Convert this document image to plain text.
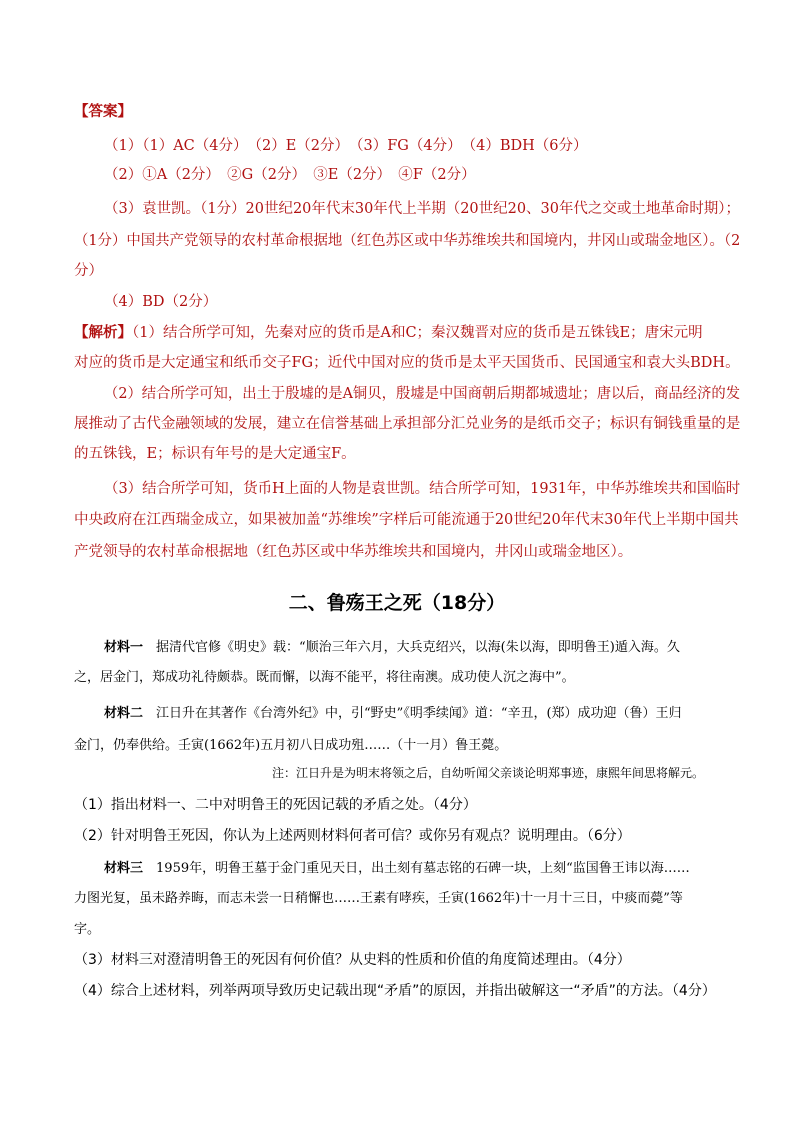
【答案】
（1）（1）AC（4分）　（2）E（2分）　（3）FG（4分）　（4）BDH（6分）
（2）①A（2分）　②G（2分）　③E（2分）　④F（2分）
（3）袁世凯。（1分）20世纪20年代末30年代上半期（20世纪20、30年代之交或土地革命时期）；
（1分）中国共产党领导的农村革命根据地（红色苏区或中华苏维埃共和国境内，井冈山或瑞金地区）。（2
分）
（4）BD（2分）
【解析】（1）结合所学可知，先秦对应的货币是A和C；秦汉魏晋对应的货币是五铢钱E；唐宋元明
对应的货币是大定通宝和纸币交子FG；近代中国对应的货币是太平天国货币、民国通宝和袁大头BDH。
（2）结合所学可知，出土于殷墟的是A铜贝，殷墟是中国商朝后期都城遗址；唐以后，商品经济的发
展推动了古代金融领域的发展，建立在信誉基础上承担部分汇兑业务的是纸币交子；标识有铜钱重量的是
的五铢钱，E；标识有年号的是大定通宝F。
（3）结合所学可知，货币H上面的人物是袁世凯。结合所学可知，1931年，中华苏维埃共和国临时
中央政府在江西瑞金成立，如果被加盖“苏维埃”字样后可能流通于20世纪20年代末30年代上半期中国共
产党领导的农村革命根据地（红色苏区或中华苏维埃共和国境内，井冈山或瑞金地区）。
二、鲁殇王之死（18分）
材料一　 据清代官修《明史》载：“顺治三年六月，大兵克绍兴，以海(朱以海，即明鲁王)遁入海。久
之，居金门，郑成功礼待颇恭。既而懈，以海不能平，将往南澳。成功使人沉之海中”。
材料二　 江日升在其著作《台湾外纪》中，引“野史”《明季续闻》道：“辛丑，(郑）成功迎（鲁）王归
金门，仍奉供给。壬寅(1662年)五月初八日成功殂……（十一月）鲁王薨。
注：江日升是为明末将领之后，自幼听闻父亲谈论明郑事迹，康熙年间思将解元。
（1）指出材料一、二中对明鲁王的死因记载的矛盾之处。（4分）
（2）针对明鲁王死因，你认为上述两则材料何者可信？或你另有观点？说明理由。（6分）
材料三　 1959年，明鲁王墓于金门重见天日，出土刻有墓志铭的石碑一块，上刻“监国鲁王讳以海……
力图光复，虽未路养晦，而志未尝一日稍懈也……王素有哮疾，壬寅(1662年)十一月十三日，中痰而薨”等
字。
（3）材料三对澄清明鲁王的死因有何价值？从史料的性质和价值的角度简述理由。（4分）
（4）综合上述材料，列举两项导致历史记载出现“矛盾”的原因，并指出破解这一“矛盾”的方法。（4分）
